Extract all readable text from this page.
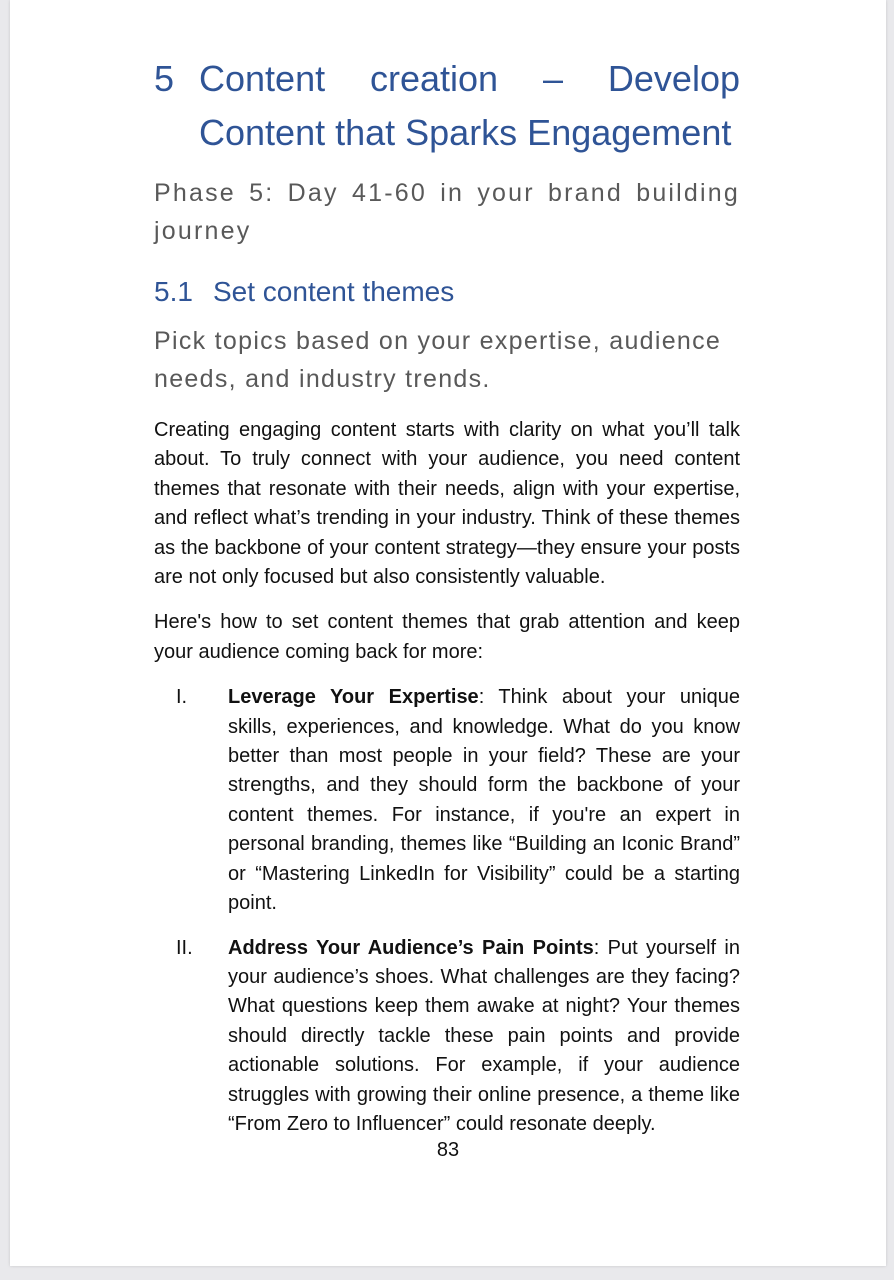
5 Content creation – Develop
Content that Sparks Engagement

Phase 5: Day 41-60 in your brand building journey

5.1 Set content themes

Pick topics based on your expertise, audience needs, and industry trends.

Creating engaging content starts with clarity on what you’ll talk about. To truly connect with your audience, you need content themes that resonate with their needs, align with your expertise, and reflect what’s trending in your industry. Think of these themes as the backbone of your content strategy—they ensure your posts are not only focused but also consistently valuable.

Here's how to set content themes that grab attention and keep your audience coming back for more:

I.	Leverage Your Expertise: Think about your unique skills, experiences, and knowledge. What do you know better than most people in your field? These are your strengths, and they should form the backbone of your content themes. For instance, if you're an expert in personal branding, themes like “Building an Iconic Brand” or “Mastering LinkedIn for Visibility” could be a starting point.
II.	Address Your Audience’s Pain Points: Put yourself in your audience’s shoes. What challenges are they facing? What questions keep them awake at night? Your themes should directly tackle these pain points and provide actionable solutions. For example, if your audience struggles with growing their online presence, a theme like “From Zero to Influencer” could resonate deeply.
83
